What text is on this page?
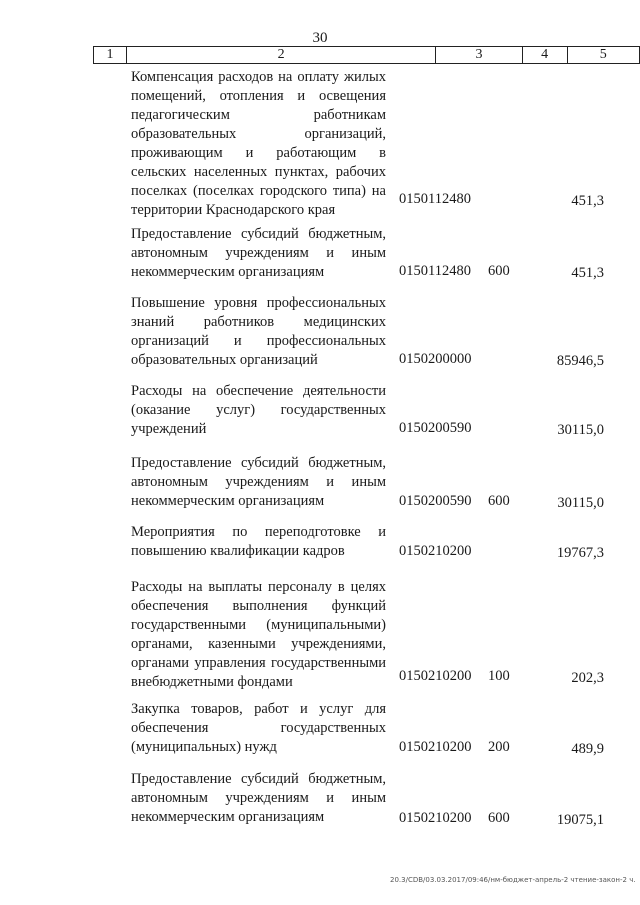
30
1	2	3	4	5
Компенсация расходов на оплату жилых помещений, отопления и освещения педагогическим работникам образовательных организаций, проживающим и работающим в сельских населенных пунктах, рабочих поселках (поселках городского типа) на территории Краснодарского края
0150112480	451,3
Предоставление субсидий бюджетным, автономным учреждениям и иным некоммерческим организациям	0150112480 600	451,3
Повышение уровня профессиональных знаний работников медицинских организаций и профессиональных образовательных организаций	0150200000	85946,5
Расходы на обеспечение деятельности (оказание услуг) государственных учреждений	0150200590	30115,0
Предоставление субсидий бюджетным, автономным учреждениям и иным некоммерческим организациям	0150200590 600	30115,0
Мероприятия по переподготовке и повышению квалификации кадров	0150210200	19767,3
Расходы на выплаты персоналу в целях обеспечения выполнения функций государственными (муниципальными) органами, казенными учреждениями, органами управления государственными внебюджетными фондами	0150210200 100	202,3
Закупка товаров, работ и услуг для обеспечения государственных (муниципальных) нужд	0150210200 200	489,9
Предоставление субсидий бюджетным, автономным учреждениям и иным некоммерческим организациям	0150210200 600	19075,1
20.3/CDB/03.03.2017/09:46/нм-бюджет-апрель-2 чтение-закон-2 ч.
